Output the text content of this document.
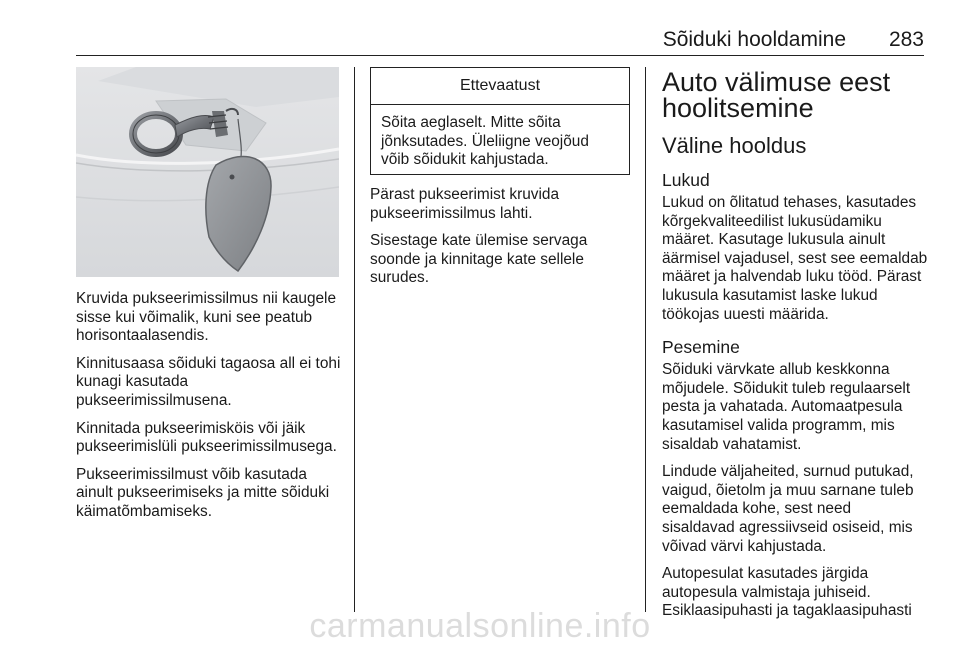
Sõiduki hooldamine 283

Kruvida pukseerimissilmus nii kaugele sisse kui võimalik, kuni see peatub horisontaalasendis.

Kinnitusaasa sõiduki tagaosa all ei tohi kunagi kasutada pukseerimissilmusena.

Kinnitada pukseerimisköis või jäik pukseerimislüli pukseerimissilmusega.

Pukseerimissilmust võib kasutada ainult pukseerimiseks ja mitte sõiduki käimatõmbamiseks.

Ettevaatust
Sõita aeglaselt. Mitte sõita jõnksutades. Üleliigne veojõud võib sõidukit kahjustada.

Pärast pukseerimist kruvida pukseerimissilmus lahti.

Sisestage kate ülemise servaga soonde ja kinnitage kate sellele surudes.

Auto välimuse eest hoolitsemine
Väline hooldus
Lukud

Lukud on õlitatud tehases, kasutades kõrgekvaliteedilist lukusüdamiku määret. Kasutage lukusula ainult äärmisel vajadusel, sest see eemaldab määret ja halvendab luku tööd. Pärast lukusula kasutamist laske lukud töökojas uuesti määrida.

Pesemine

Sõiduki värvkate allub keskkonna mõjudele. Sõidukit tuleb regulaarselt pesta ja vahatada. Automaatpesula kasutamisel valida programm, mis sisaldab vahatamist.

Lindude väljaheited, surnud putukad, vaigud, õietolm ja muu sarnane tuleb eemaldada kohe, sest need sisaldavad agressiivseid osiseid, mis võivad värvi kahjustada.

Autopesulat kasutades järgida autopesula valmistaja juhiseid. Esiklaasipuhasti ja tagaklaasipuhasti

carmanualsonline.info
